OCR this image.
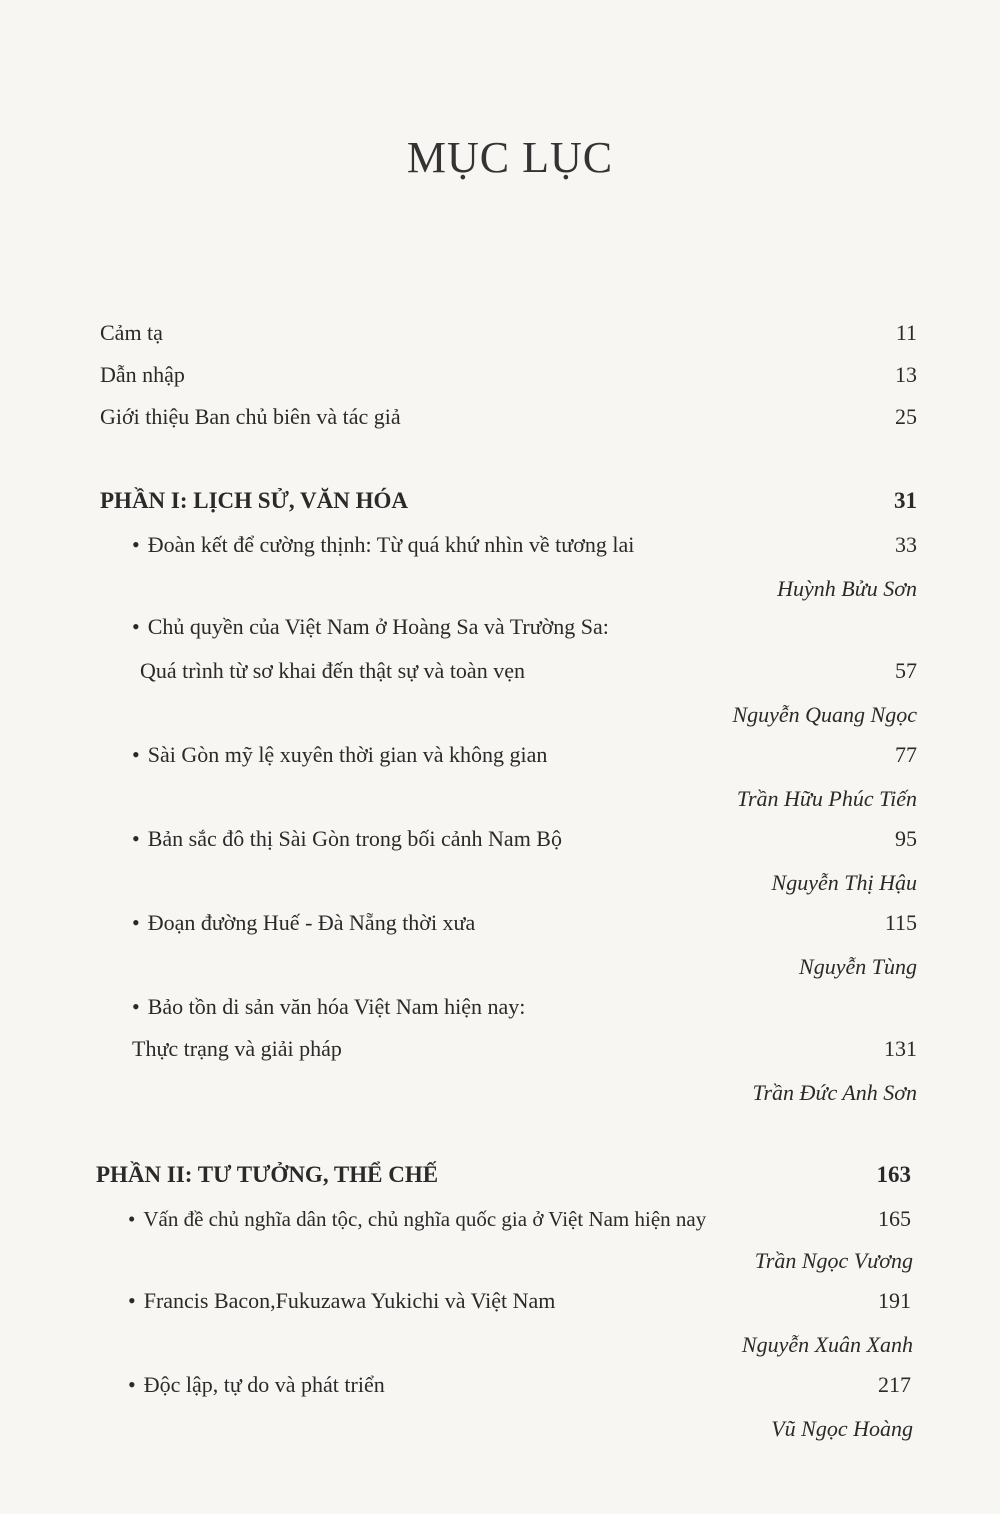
MỤC LỤC
Cảm tạ	11
Dẫn nhập	13
Giới thiệu Ban chủ biên và tác giả	25
PHẦN I: LỊCH SỬ, VĂN HÓA	31
• Đoàn kết để cường thịnh: Từ quá khứ nhìn về tương lai	33
Huỳnh Bửu Sơn
• Chủ quyền của Việt Nam ở Hoàng Sa và Trường Sa:
Quá trình từ sơ khai đến thật sự và toàn vẹn	57
Nguyễn Quang Ngọc
• Sài Gòn mỹ lệ xuyên thời gian và không gian	77
Trần Hữu Phúc Tiến
• Bản sắc đô thị Sài Gòn trong bối cảnh Nam Bộ	95
Nguyễn Thị Hậu
• Đoạn đường Huế - Đà Nẵng thời xưa	115
Nguyễn Tùng
• Bảo tồn di sản văn hóa Việt Nam hiện nay:
Thực trạng và giải pháp	131
Trần Đức Anh Sơn
PHẦN II: TƯ TƯỞNG, THỂ CHẾ	163
• Vấn đề chủ nghĩa dân tộc, chủ nghĩa quốc gia ở Việt Nam hiện nay	165
Trần Ngọc Vương
• Francis Bacon,Fukuzawa Yukichi và Việt Nam	191
Nguyễn Xuân Xanh
• Độc lập, tự do và phát triển	217
Vũ Ngọc Hoàng
